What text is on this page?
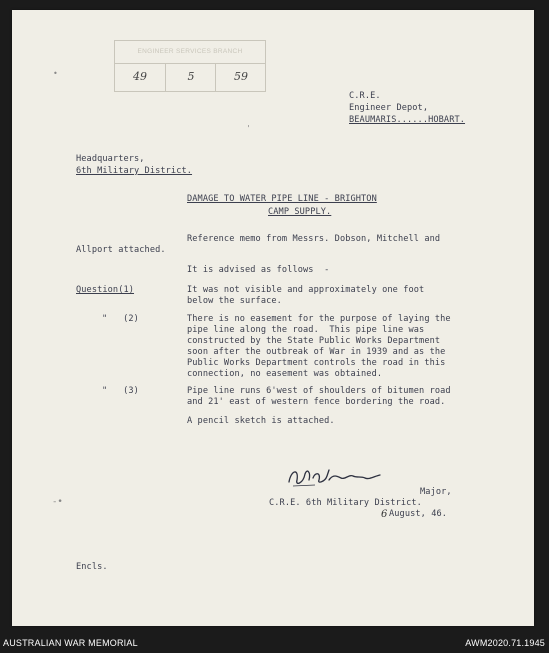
ENGINEER SERVICES BRANCH
49	5	59
C.R.E.
Engineer Depot,
BEAUMARIS......HOBART.
'
Headquarters,
6th Military District.
DAMAGE TO WATER PIPE LINE - BRIGHTON
CAMP SUPPLY.
Reference memo from Messrs. Dobson, Mitchell and
Allport attached.
It is advised as follows  -
Question(1)	It was not visible and approximately one foot
below the surface.
"   (2)	There is no easement for the purpose of laying the
pipe line along the road.  This pipe line was
constructed by the State Public Works Department
soon after the outbreak of War in 1939 and as the
Public Works Department controls the road in this
connection, no easement was obtained.
"   (3)	Pipe line runs 6'west of shoulders of bitumen road
and 21' east of western fence bordering the road.
A pencil sketch is attached.
Major,
C.R.E. 6th Military District.
6 August, 46.
-•
•
Encls.
AUSTRALIAN WAR MEMORIAL	AWM2020.71.1945
